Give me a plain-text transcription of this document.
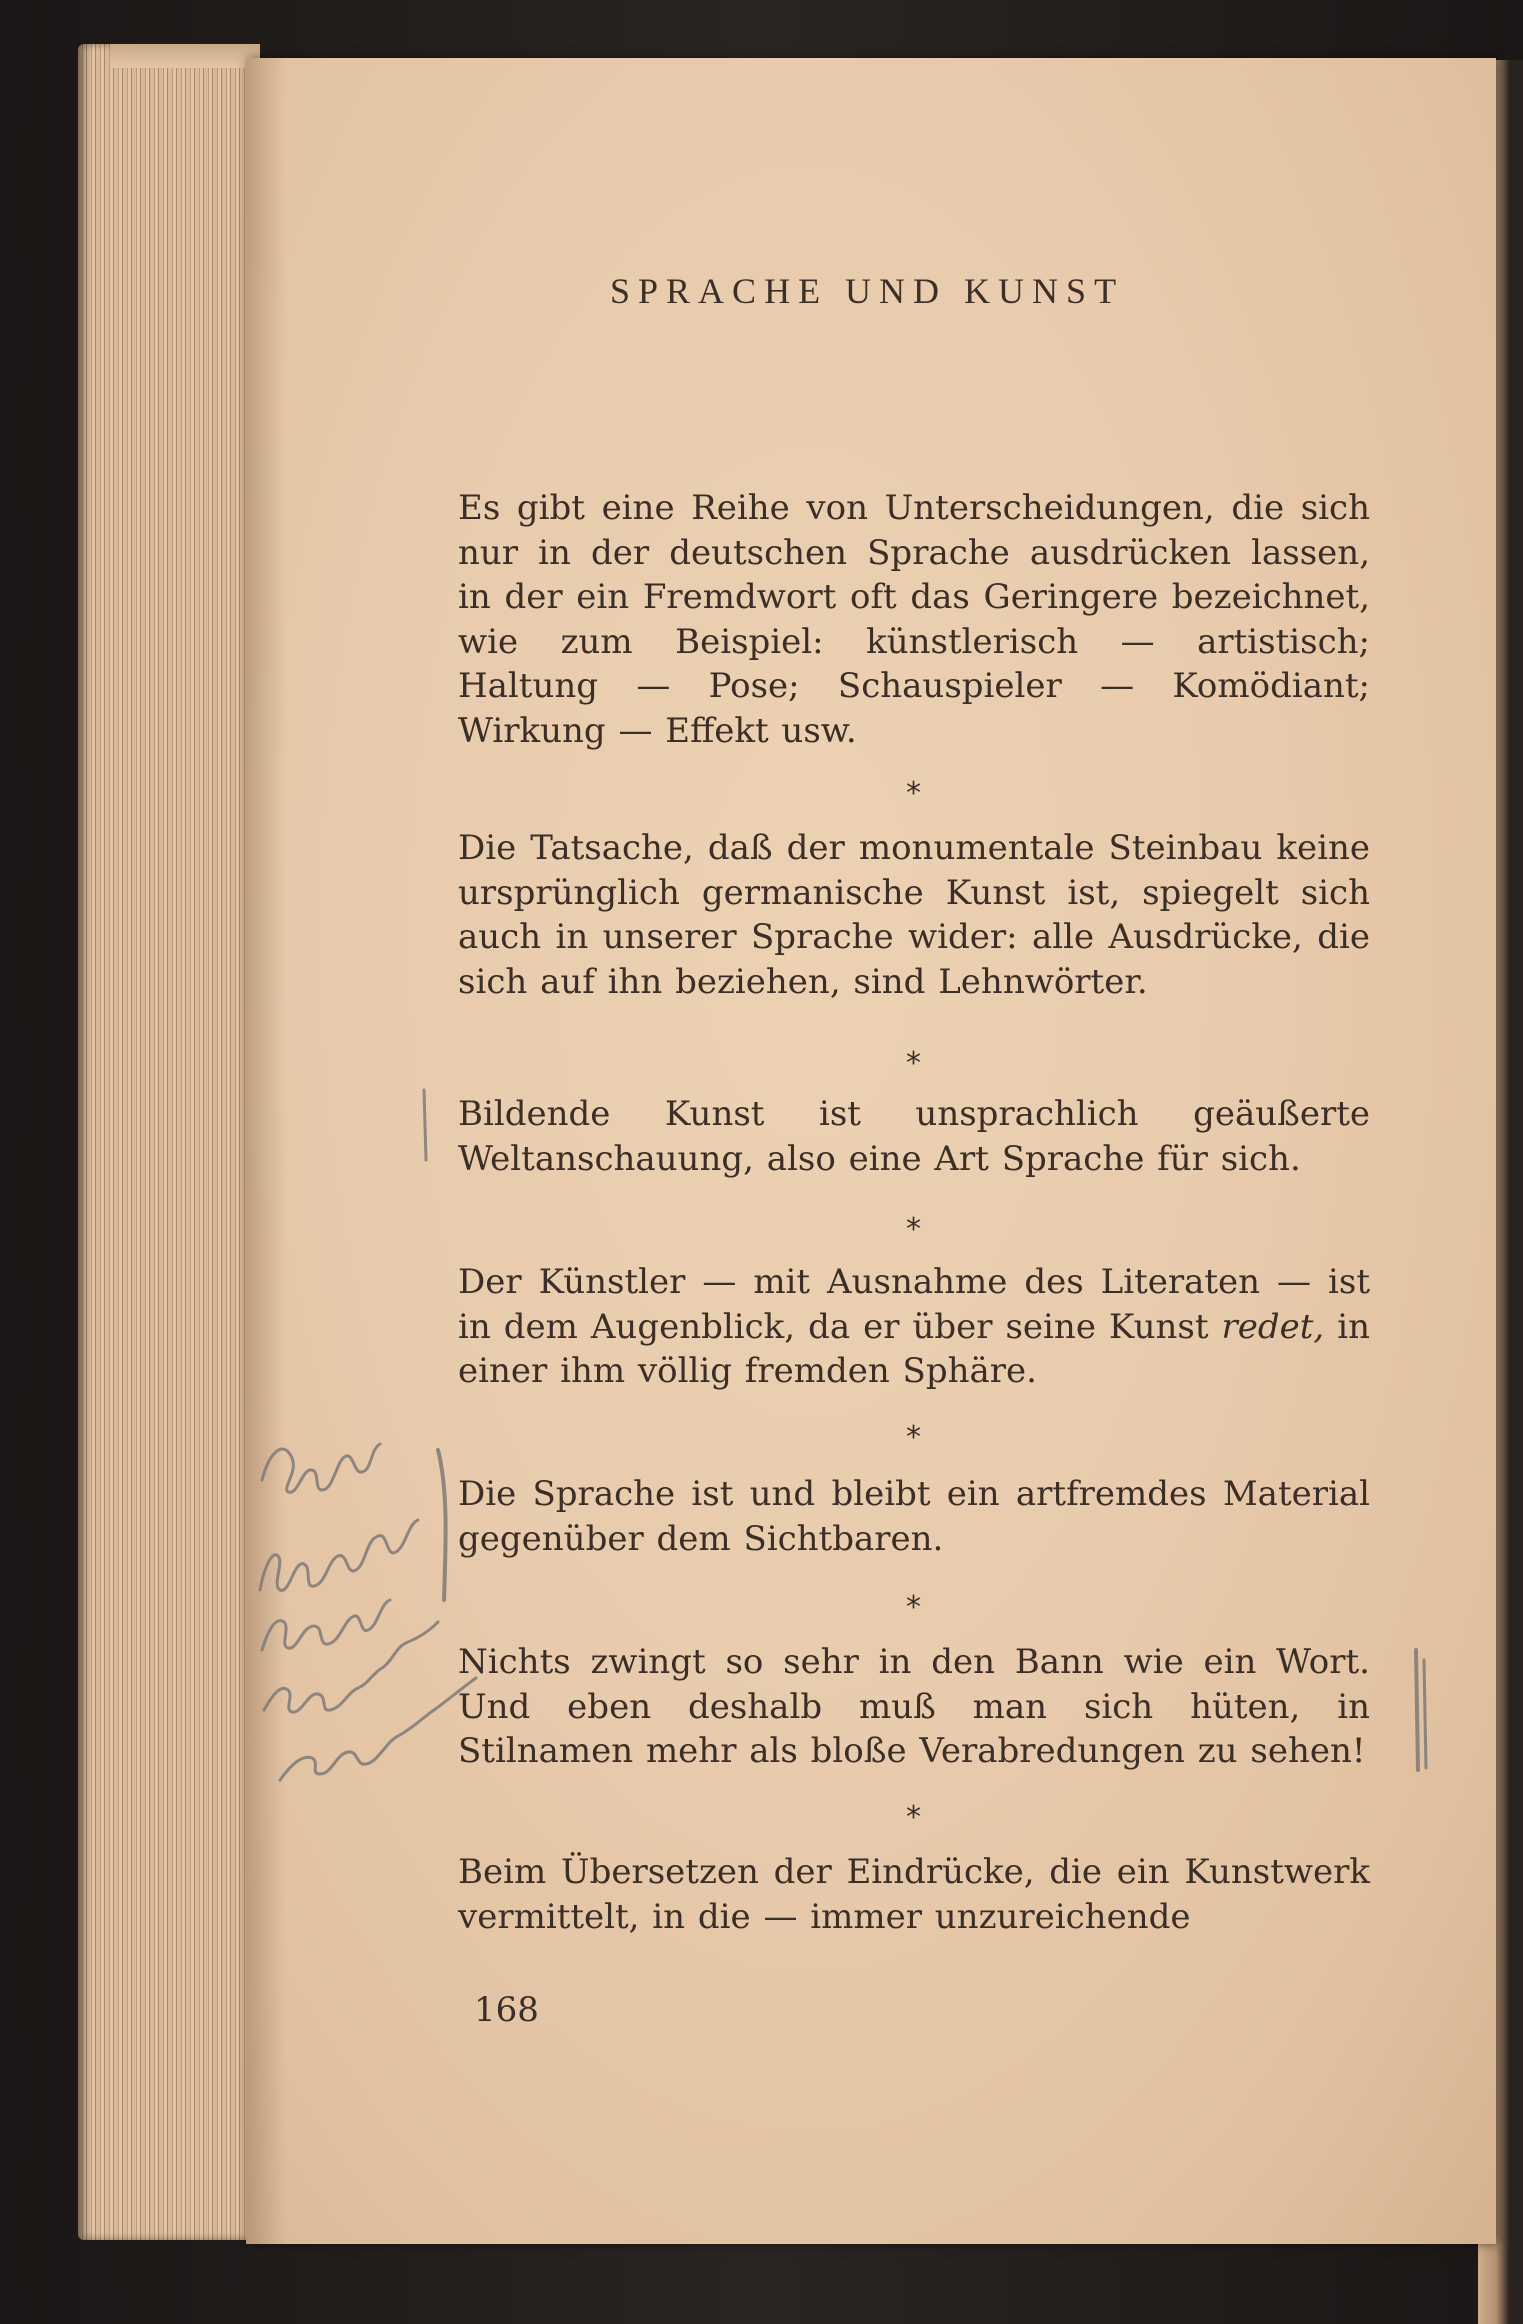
SPRACHE UND KUNST

Es gibt eine Reihe von Unterscheidungen, die sich nur in der deutschen Sprache ausdrücken lassen, in der ein Fremdwort oft das Geringere bezeichnet, wie zum Beispiel: künstlerisch — artistisch; Haltung — Pose; Schauspieler — Komödiant; Wirkung — Effekt usw.

*

Die Tatsache, daß der monumentale Steinbau keine ursprünglich germanische Kunst ist, spiegelt sich auch in unserer Sprache wider: alle Ausdrücke, die sich auf ihn beziehen, sind Lehnwörter.

*

Bildende Kunst ist unsprachlich geäußerte Weltanschauung, also eine Art Sprache für sich.

*

Der Künstler — mit Ausnahme des Literaten — ist in dem Augenblick, da er über seine Kunst redet, in einer ihm völlig fremden Sphäre.

*

Die Sprache ist und bleibt ein artfremdes Material gegenüber dem Sichtbaren.

*

Nichts zwingt so sehr in den Bann wie ein Wort. Und eben deshalb muß man sich hüten, in Stilnamen mehr als bloße Verabredungen zu sehen!

*

Beim Übersetzen der Eindrücke, die ein Kunstwerk vermittelt, in die — immer unzureichende

168
